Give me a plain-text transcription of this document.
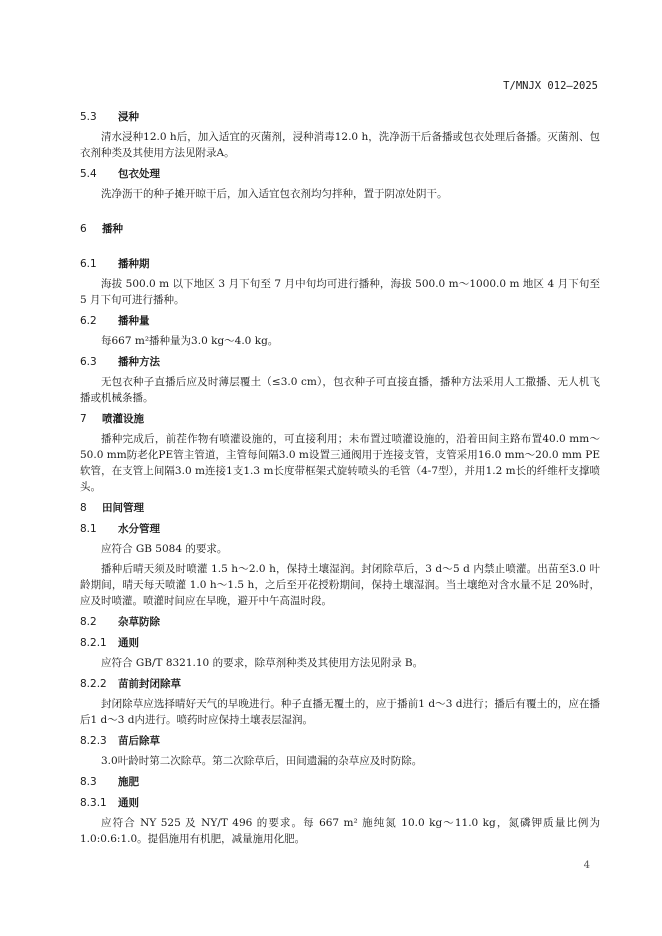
T/MNJX 012—2025
5.3 浸种

清水浸种12.0 h后，加入适宜的灭菌剂，浸种消毒12.0 h，洗净沥干后备播或包衣处理后备播。灭菌剂、包衣剂种类及其使用方法见附录A。

5.4 包衣处理

洗净沥干的种子摊开晾干后，加入适宜包衣剂均匀拌种，置于阴凉处阴干。

6 播种
6.1 播种期

海拔 500.0 m 以下地区 3 月下旬至 7 月中旬均可进行播种，海拔 500.0 m～1000.0 m 地区 4 月下旬至 5 月下旬可进行播种。

6.2 播种量

每667 m²播种量为3.0 kg～4.0 kg。

6.3 播种方法

无包衣种子直播后应及时薄层覆土（≤3.0 cm），包衣种子可直接直播，播种方法采用人工撒播、无人机飞播或机械条播。

7 喷灌设施

播种完成后，前茬作物有喷灌设施的，可直接利用；未布置过喷灌设施的，沿着田间主路布置40.0 mm～50.0 mm防老化PE管主管道，主管每间隔3.0 m设置三通阀用于连接支管，支管采用16.0 mm～20.0 mm PE软管，在支管上间隔3.0 m连接1支1.3 m长度带框架式旋转喷头的毛管（4-7型），并用1.2 m长的纤维杆支撑喷头。

8 田间管理
8.1 水分管理

应符合 GB 5084 的要求。

播种后晴天须及时喷灌 1.5 h～2.0 h，保持土壤湿润。封闭除草后，3 d～5 d 内禁止喷灌。出苗至3.0 叶龄期间，晴天每天喷灌 1.0 h～1.5 h，之后至开花授粉期间，保持土壤湿润。当土壤绝对含水量不足 20%时，应及时喷灌。喷灌时间应在早晚，避开中午高温时段。

8.2 杂草防除
8.2.1 通则

应符合 GB/T 8321.10 的要求，除草剂种类及其使用方法见附录 B。

8.2.2 苗前封闭除草

封闭除草应选择晴好天气的早晚进行。种子直播无覆土的，应于播前1 d～3 d进行；播后有覆土的，应在播后1 d～3 d内进行。喷药时应保持土壤表层湿润。

8.2.3 苗后除草

3.0叶龄时第二次除草。第二次除草后，田间遗漏的杂草应及时防除。

8.3 施肥
8.3.1 通则

应符合 NY 525 及 NY/T 496 的要求。每 667 m² 施纯氮 10.0 kg～11.0 kg，氮磷钾质量比例为 1.0:0.6:1.0。提倡施用有机肥，减量施用化肥。

4
